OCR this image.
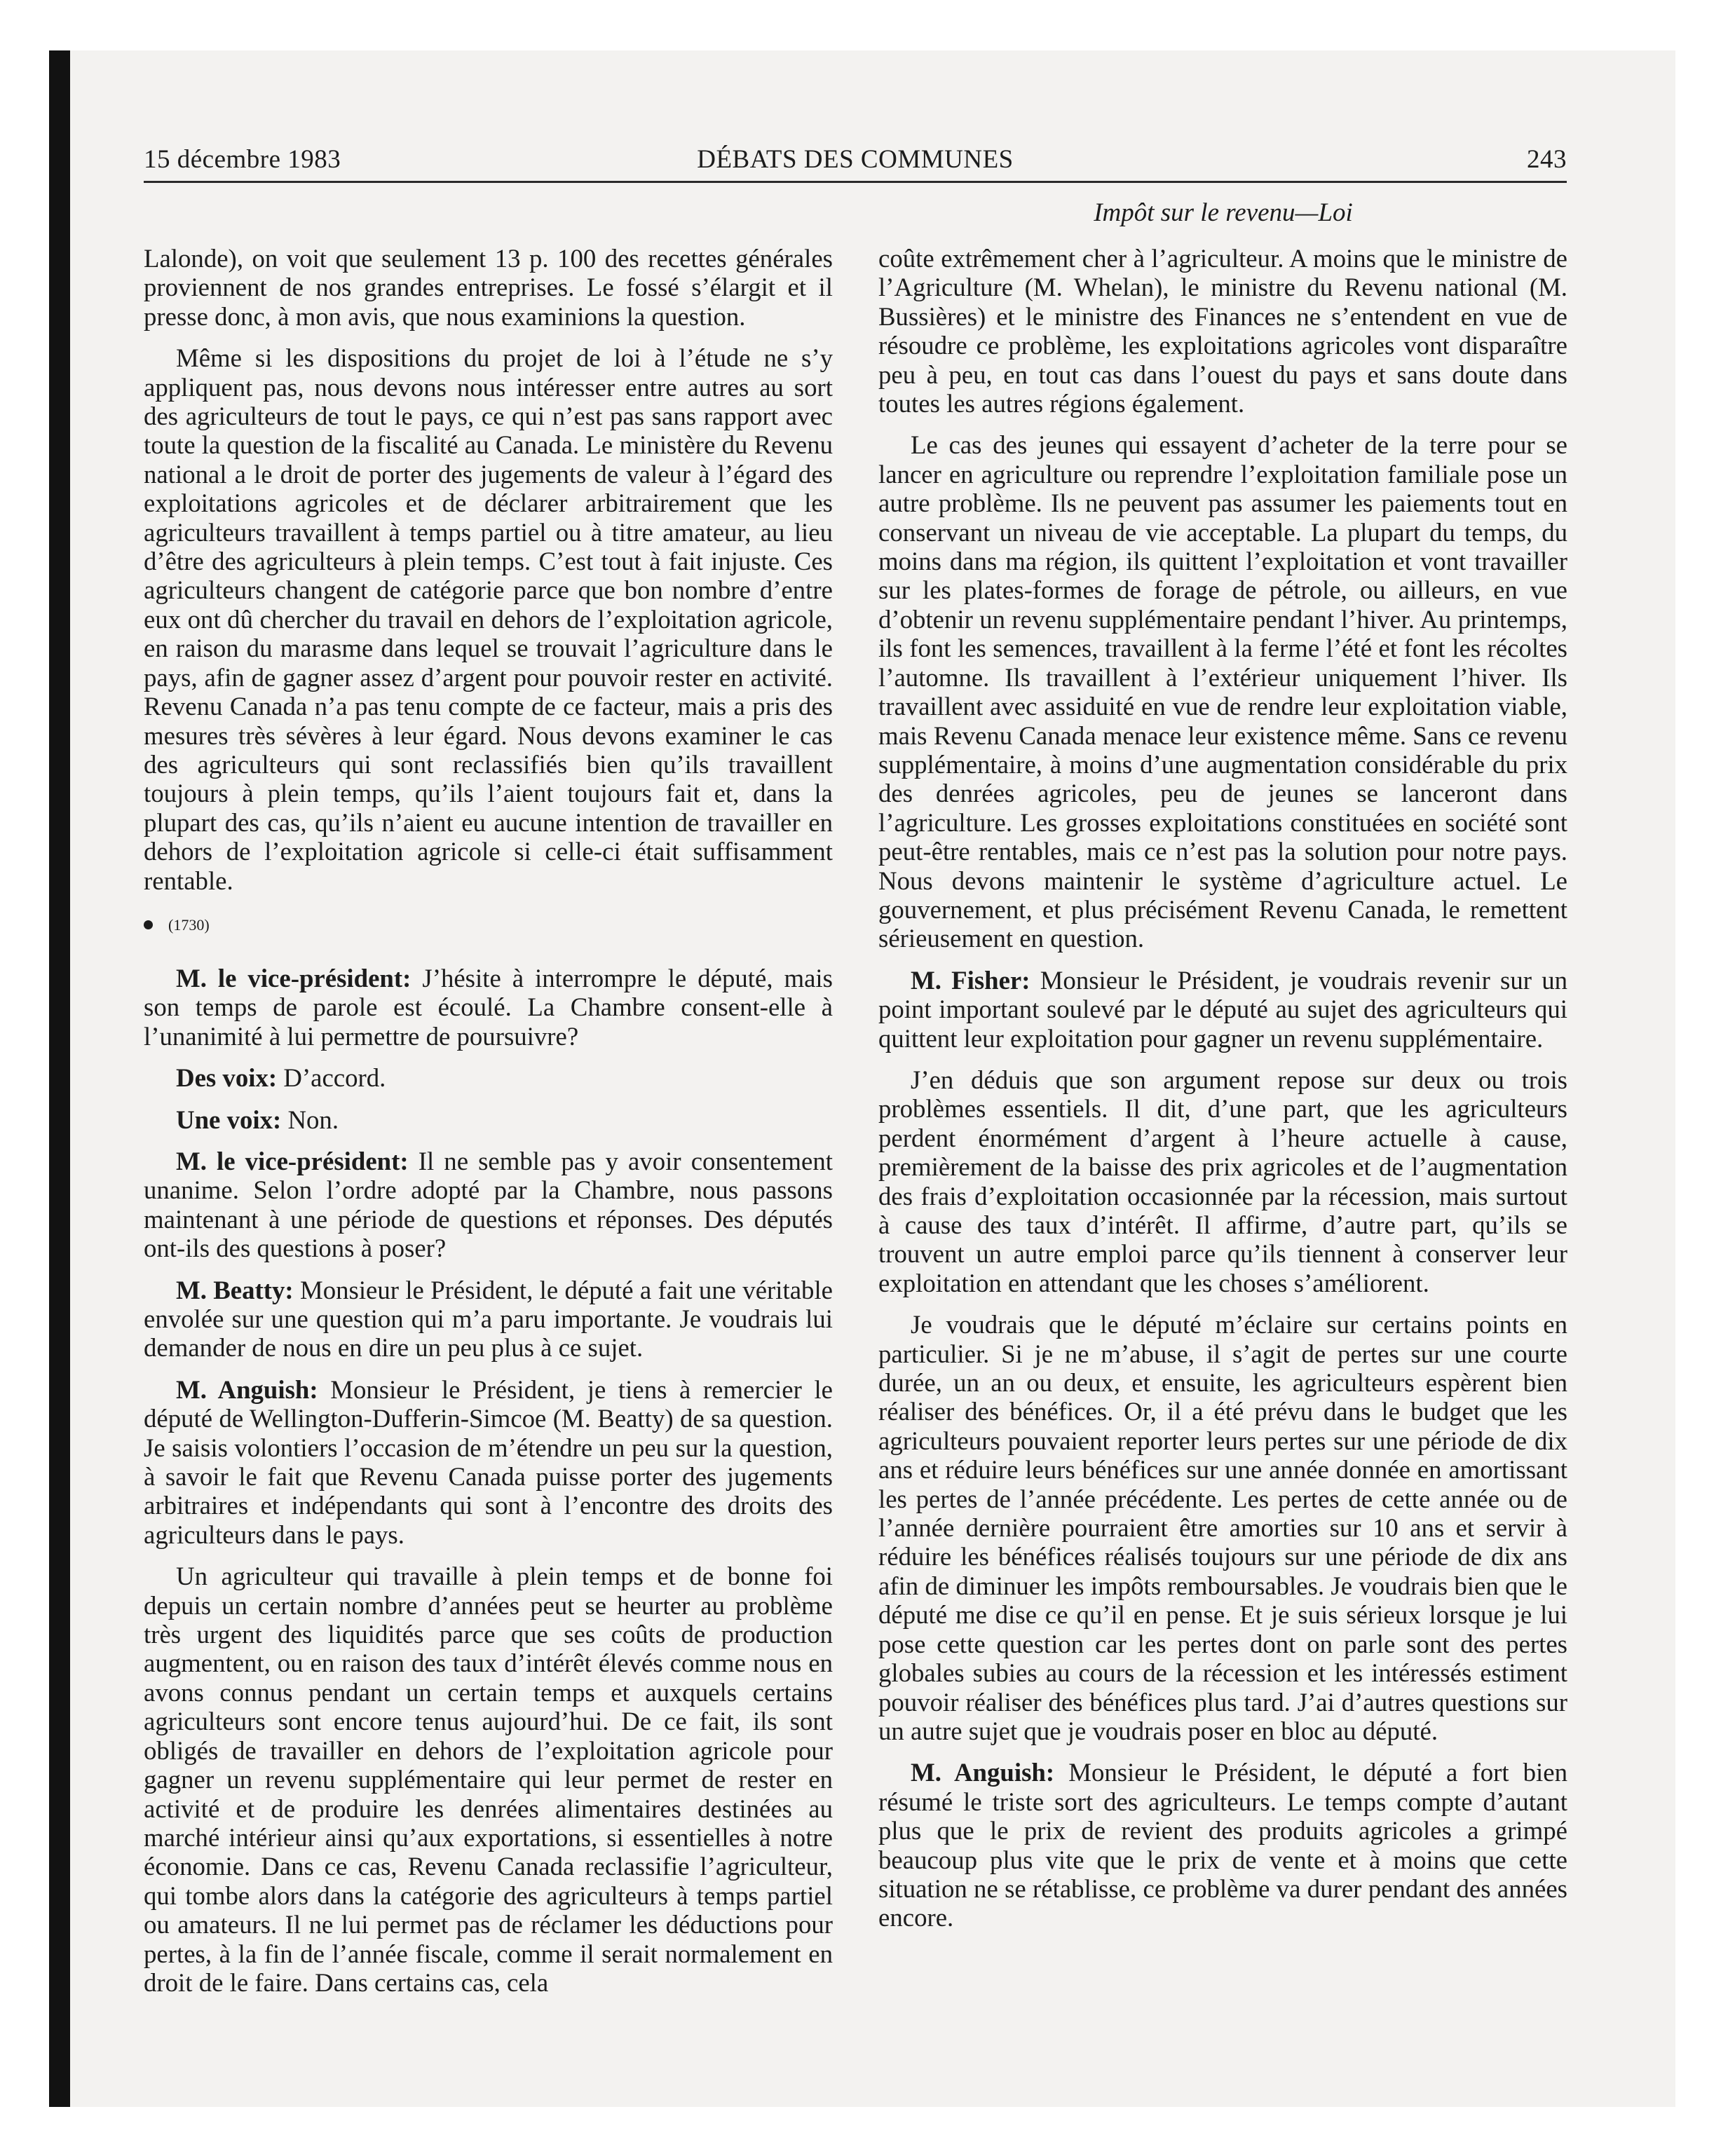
15 décembre 1983	DÉBATS DES COMMUNES	243
Impôt sur le revenu—Loi

Lalonde), on voit que seulement 13 p. 100 des recettes générales proviennent de nos grandes entreprises. Le fossé s’élargit et il presse donc, à mon avis, que nous examinions la question.

Même si les dispositions du projet de loi à l’étude ne s’y appliquent pas, nous devons nous intéresser entre autres au sort des agriculteurs de tout le pays, ce qui n’est pas sans rapport avec toute la question de la fiscalité au Canada. Le ministère du Revenu national a le droit de porter des jugements de valeur à l’égard des exploitations agricoles et de déclarer arbitrairement que les agriculteurs travaillent à temps partiel ou à titre amateur, au lieu d’être des agriculteurs à plein temps. C’est tout à fait injuste. Ces agriculteurs changent de catégorie parce que bon nombre d’entre eux ont dû chercher du travail en dehors de l’exploitation agricole, en raison du marasme dans lequel se trouvait l’agriculture dans le pays, afin de gagner assez d’argent pour pouvoir rester en activité. Revenu Canada n’a pas tenu compte de ce facteur, mais a pris des mesures très sévères à leur égard. Nous devons examiner le cas des agriculteurs qui sont reclassifiés bien qu’ils travaillent toujours à plein temps, qu’ils l’aient toujours fait et, dans la plupart des cas, qu’ils n’aient eu aucune intention de travailler en dehors de l’exploitation agricole si celle-ci était suffisamment rentable.

(1730)

M. le vice-président: J’hésite à interrompre le député, mais son temps de parole est écoulé. La Chambre consent-elle à l’unanimité à lui permettre de poursuivre?

Des voix: D’accord.

Une voix: Non.

M. le vice-président: Il ne semble pas y avoir consentement unanime. Selon l’ordre adopté par la Chambre, nous passons maintenant à une période de questions et réponses. Des députés ont-ils des questions à poser?

M. Beatty: Monsieur le Président, le député a fait une véritable envolée sur une question qui m’a paru importante. Je voudrais lui demander de nous en dire un peu plus à ce sujet.

M. Anguish: Monsieur le Président, je tiens à remercier le député de Wellington-Dufferin-Simcoe (M. Beatty) de sa question. Je saisis volontiers l’occasion de m’étendre un peu sur la question, à savoir le fait que Revenu Canada puisse porter des jugements arbitraires et indépendants qui sont à l’encontre des droits des agriculteurs dans le pays.

Un agriculteur qui travaille à plein temps et de bonne foi depuis un certain nombre d’années peut se heurter au problème très urgent des liquidités parce que ses coûts de production augmentent, ou en raison des taux d’intérêt élevés comme nous en avons connus pendant un certain temps et auxquels certains agriculteurs sont encore tenus aujourd’hui. De ce fait, ils sont obligés de travailler en dehors de l’exploitation agricole pour gagner un revenu supplémentaire qui leur permet de rester en activité et de produire les denrées alimentaires destinées au marché intérieur ainsi qu’aux exportations, si essentielles à notre économie. Dans ce cas, Revenu Canada reclassifie l’agriculteur, qui tombe alors dans la catégorie des agriculteurs à temps partiel ou amateurs. Il ne lui permet pas de réclamer les déductions pour pertes, à la fin de l’année fiscale, comme il serait normalement en droit de le faire. Dans certains cas, cela

coûte extrêmement cher à l’agriculteur. A moins que le ministre de l’Agriculture (M. Whelan), le ministre du Revenu national (M. Bussières) et le ministre des Finances ne s’entendent en vue de résoudre ce problème, les exploitations agricoles vont disparaître peu à peu, en tout cas dans l’ouest du pays et sans doute dans toutes les autres régions également.

Le cas des jeunes qui essayent d’acheter de la terre pour se lancer en agriculture ou reprendre l’exploitation familiale pose un autre problème. Ils ne peuvent pas assumer les paiements tout en conservant un niveau de vie acceptable. La plupart du temps, du moins dans ma région, ils quittent l’exploitation et vont travailler sur les plates-formes de forage de pétrole, ou ailleurs, en vue d’obtenir un revenu supplémentaire pendant l’hiver. Au printemps, ils font les semences, travaillent à la ferme l’été et font les récoltes l’automne. Ils travaillent à l’extérieur uniquement l’hiver. Ils travaillent avec assiduité en vue de rendre leur exploitation viable, mais Revenu Canada menace leur existence même. Sans ce revenu supplémentaire, à moins d’une augmentation considérable du prix des denrées agricoles, peu de jeunes se lanceront dans l’agriculture. Les grosses exploitations constituées en société sont peut-être rentables, mais ce n’est pas la solution pour notre pays. Nous devons maintenir le système d’agriculture actuel. Le gouvernement, et plus précisément Revenu Canada, le remettent sérieusement en question.

M. Fisher: Monsieur le Président, je voudrais revenir sur un point important soulevé par le député au sujet des agriculteurs qui quittent leur exploitation pour gagner un revenu supplémentaire.

J’en déduis que son argument repose sur deux ou trois problèmes essentiels. Il dit, d’une part, que les agriculteurs perdent énormément d’argent à l’heure actuelle à cause, premièrement de la baisse des prix agricoles et de l’augmentation des frais d’exploitation occasionnée par la récession, mais surtout à cause des taux d’intérêt. Il affirme, d’autre part, qu’ils se trouvent un autre emploi parce qu’ils tiennent à conserver leur exploitation en attendant que les choses s’améliorent.

Je voudrais que le député m’éclaire sur certains points en particulier. Si je ne m’abuse, il s’agit de pertes sur une courte durée, un an ou deux, et ensuite, les agriculteurs espèrent bien réaliser des bénéfices. Or, il a été prévu dans le budget que les agriculteurs pouvaient reporter leurs pertes sur une période de dix ans et réduire leurs bénéfices sur une année donnée en amortissant les pertes de l’année précédente. Les pertes de cette année ou de l’année dernière pourraient être amorties sur 10 ans et servir à réduire les bénéfices réalisés toujours sur une période de dix ans afin de diminuer les impôts remboursables. Je voudrais bien que le député me dise ce qu’il en pense. Et je suis sérieux lorsque je lui pose cette question car les pertes dont on parle sont des pertes globales subies au cours de la récession et les intéressés estiment pouvoir réaliser des bénéfices plus tard. J’ai d’autres questions sur un autre sujet que je voudrais poser en bloc au député.

M. Anguish: Monsieur le Président, le député a fort bien résumé le triste sort des agriculteurs. Le temps compte d’autant plus que le prix de revient des produits agricoles a grimpé beaucoup plus vite que le prix de vente et à moins que cette situation ne se rétablisse, ce problème va durer pendant des années encore.
